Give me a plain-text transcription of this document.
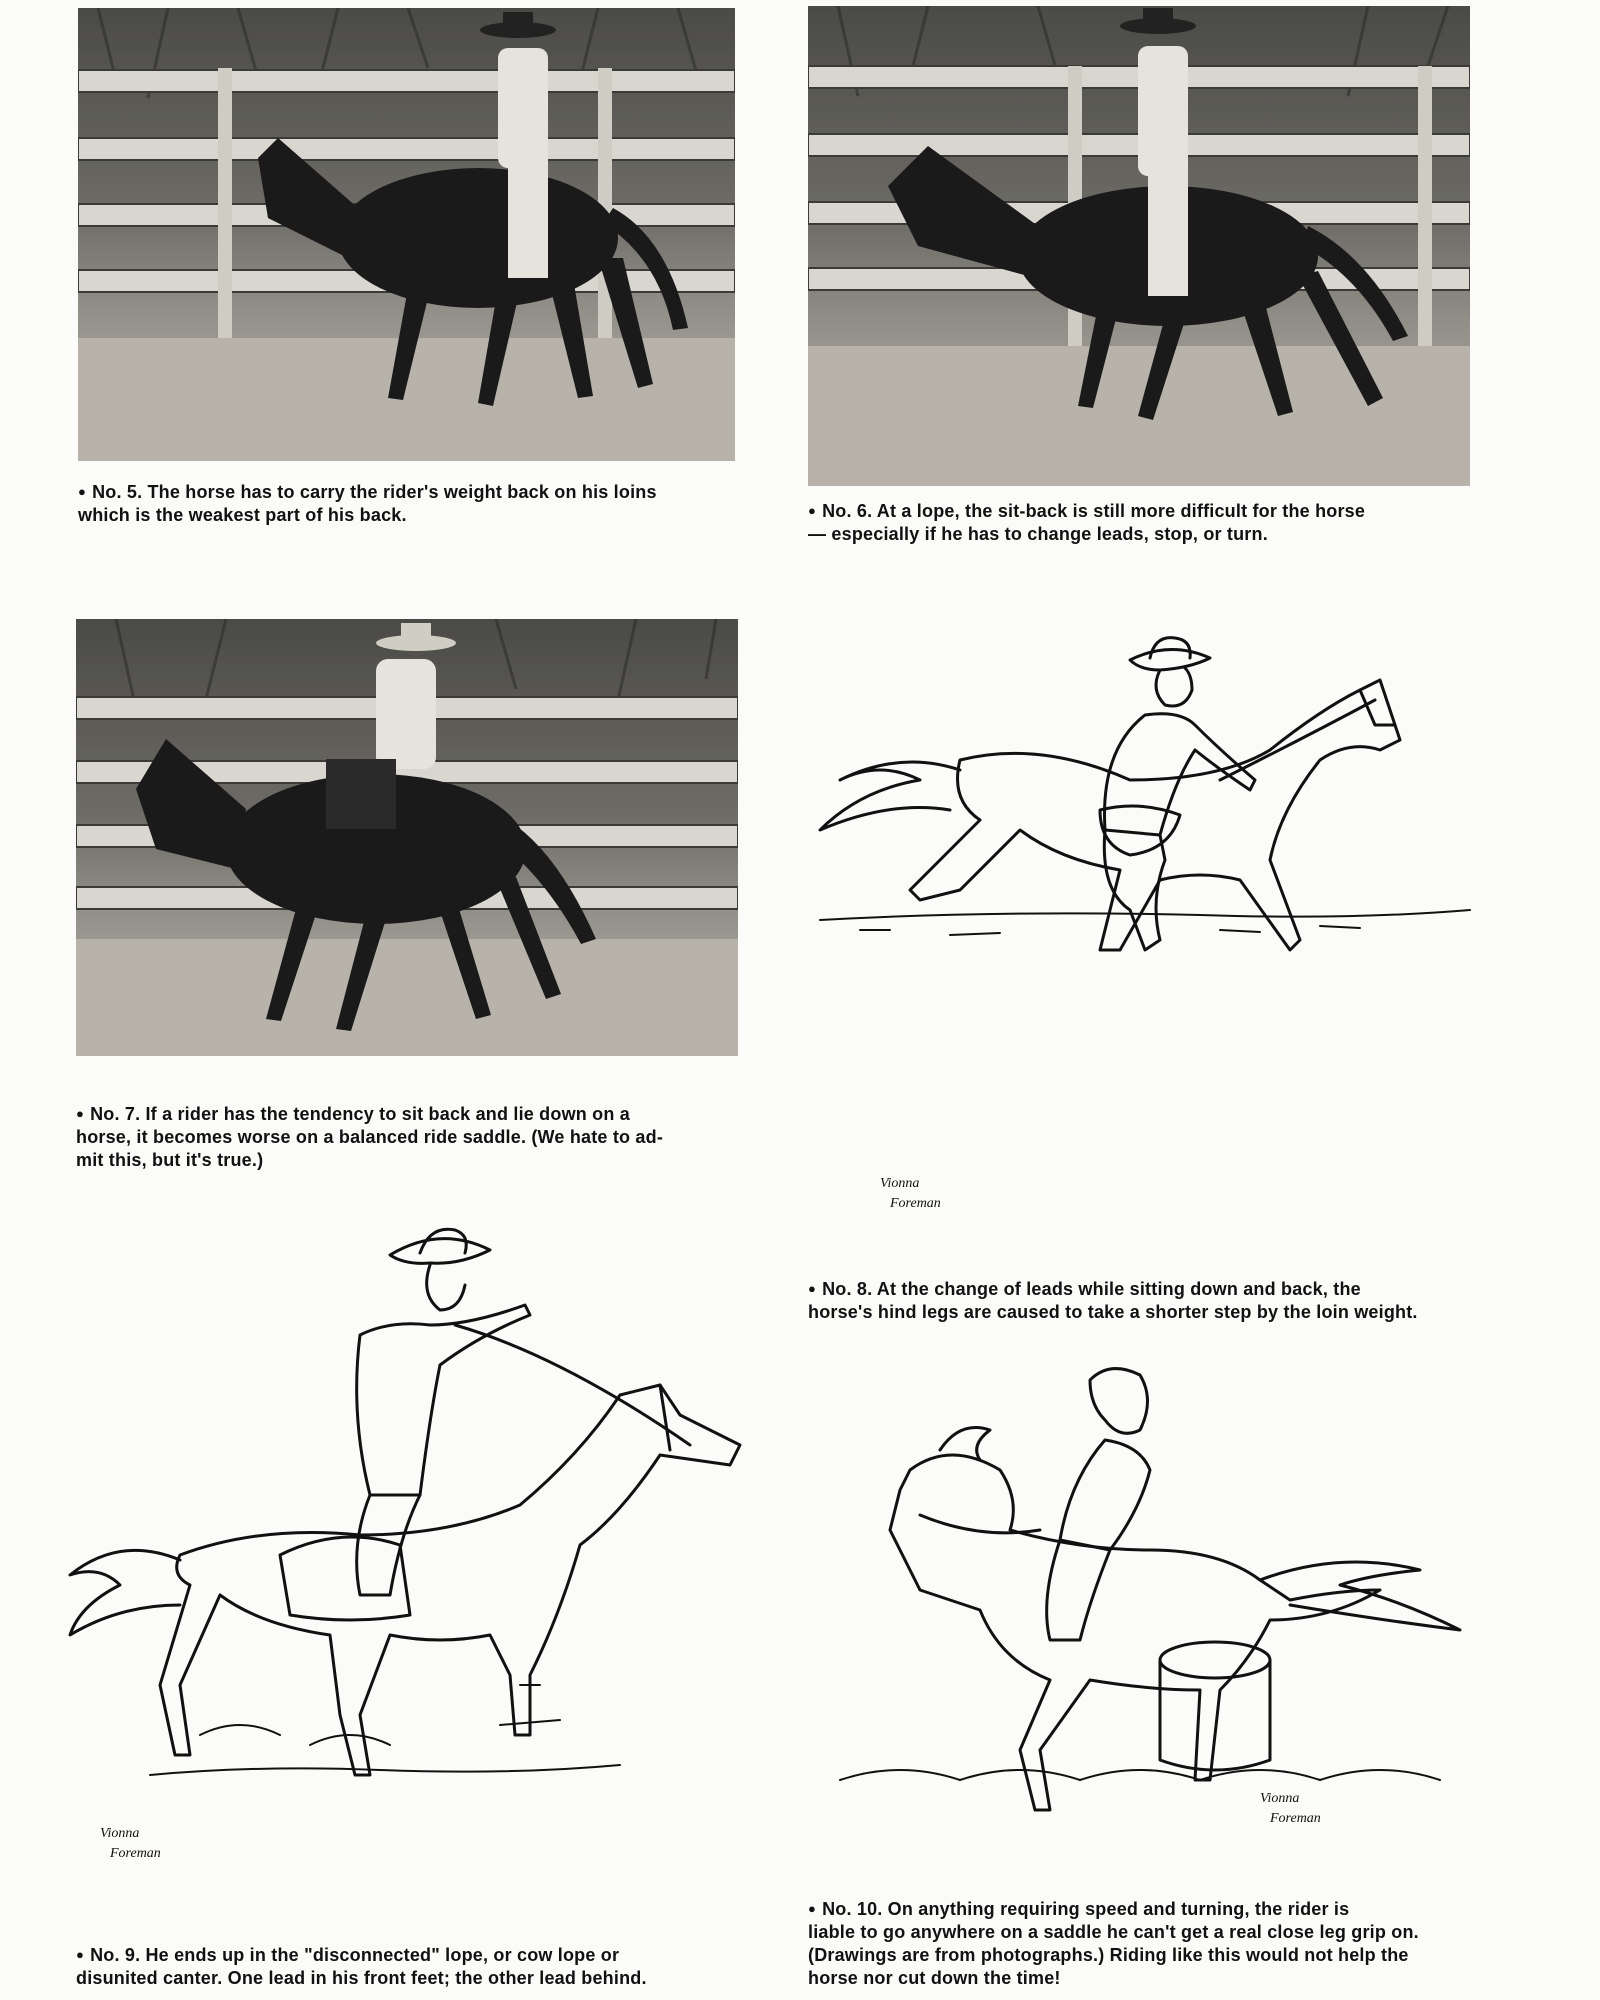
● No. 5. The horse has to carry the rider's weight back on his loins
which is the weakest part of his back.	● No. 6. At a lope, the sit-back is still more difficult for the horse
— especially if he has to change leads, stop, or turn.
● No. 7. If a rider has the tendency to sit back and lie down on a
horse, it becomes worse on a balanced ride saddle. (We hate to ad-
mit this, but it's true.)
Vionna
Foreman
● No. 8. At the change of leads while sitting down and back, the
horse's hind legs are caused to take a shorter step by the loin weight.
Vionna
Foreman
● No. 9. He ends up in the "disconnected" lope, or cow lope or
disunited canter. One lead in his front feet; the other lead behind.
Vionna
Foreman
● No. 10. On anything requiring speed and turning, the rider is
liable to go anywhere on a saddle he can't get a real close leg grip on.
(Drawings are from photographs.) Riding like this would not help the
horse nor cut down the time!
